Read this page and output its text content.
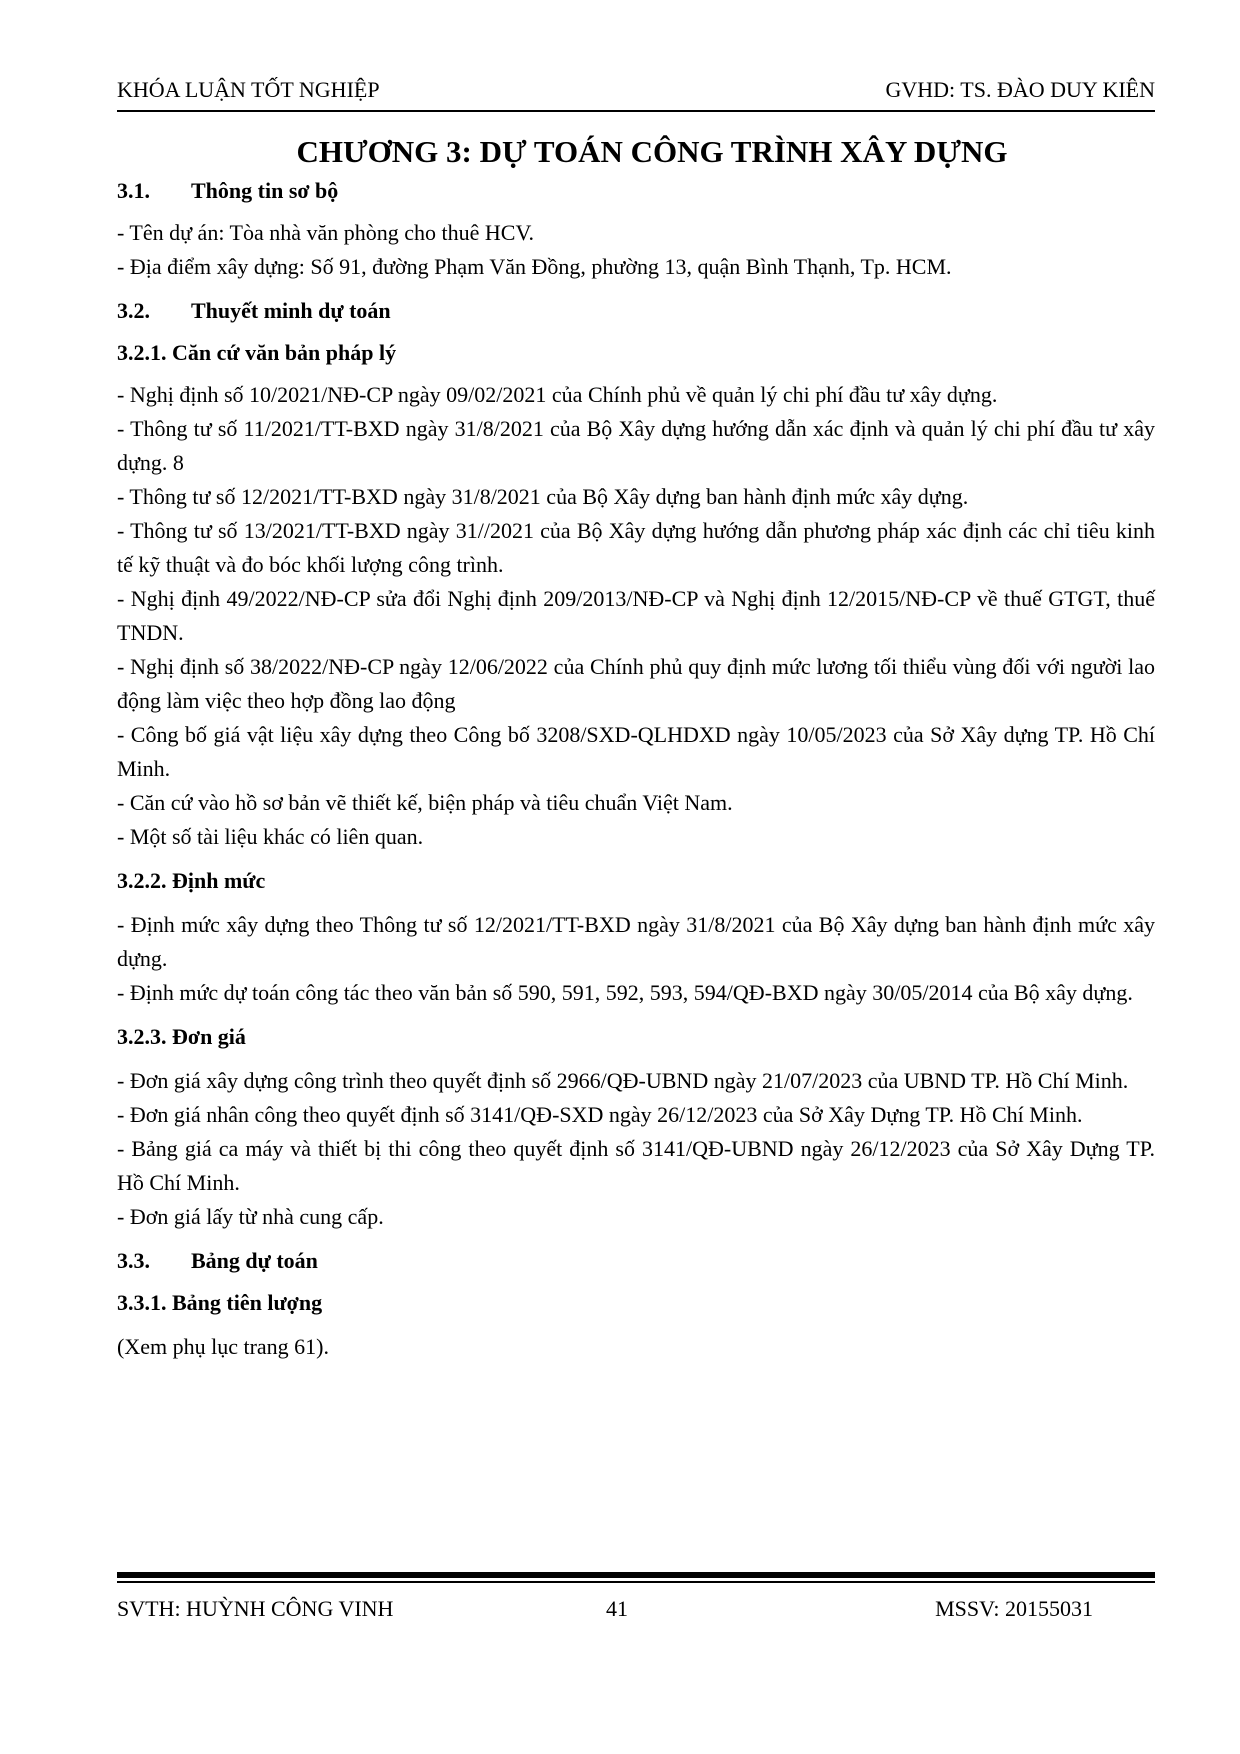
KHÓA LUẬN TỐT NGHIỆP	GVHD: TS. ĐÀO DUY KIÊN
CHƯƠNG 3: DỰ TOÁN CÔNG TRÌNH XÂY DỰNG
3.1. Thông tin sơ bộ
- Tên dự án: Tòa nhà văn phòng cho thuê HCV.
- Địa điểm xây dựng: Số 91, đường Phạm Văn Đồng, phường 13, quận Bình Thạnh, Tp. HCM.
3.2. Thuyết minh dự toán
3.2.1. Căn cứ văn bản pháp lý
- Nghị định số 10/2021/NĐ-CP ngày 09/02/2021 của Chính phủ về quản lý chi phí đầu tư xây dựng.
- Thông tư số 11/2021/TT-BXD ngày 31/8/2021 của Bộ Xây dựng hướng dẫn xác định và quản lý chi phí đầu tư xây dựng. 8
- Thông tư số 12/2021/TT-BXD ngày 31/8/2021 của Bộ Xây dựng ban hành định mức xây dựng.
- Thông tư số 13/2021/TT-BXD ngày 31//2021 của Bộ Xây dựng hướng dẫn phương pháp xác định các chỉ tiêu kinh tế kỹ thuật và đo bóc khối lượng công trình.
- Nghị định 49/2022/NĐ-CP sửa đổi Nghị định 209/2013/NĐ-CP và Nghị định 12/2015/NĐ-CP về thuế GTGT, thuế TNDN.
- Nghị định số 38/2022/NĐ-CP ngày 12/06/2022 của Chính phủ quy định mức lương tối thiểu vùng đối với người lao động làm việc theo hợp đồng lao động
- Công bố giá vật liệu xây dựng theo Công bố 3208/SXD-QLHDXD ngày 10/05/2023 của Sở Xây dựng TP. Hồ Chí Minh.
- Căn cứ vào hồ sơ bản vẽ thiết kế, biện pháp và tiêu chuẩn Việt Nam.
- Một số tài liệu khác có liên quan.
3.2.2. Định mức
- Định mức xây dựng theo Thông tư số 12/2021/TT-BXD ngày 31/8/2021 của Bộ Xây dựng ban hành định mức xây dựng.
- Định mức dự toán công tác theo văn bản số 590, 591, 592, 593, 594/QĐ-BXD ngày 30/05/2014 của Bộ xây dựng.
3.2.3. Đơn giá
- Đơn giá xây dựng công trình theo quyết định số 2966/QĐ-UBND ngày 21/07/2023 của UBND TP. Hồ Chí Minh.
- Đơn giá nhân công theo quyết định số 3141/QĐ-SXD ngày 26/12/2023 của Sở Xây Dựng TP. Hồ Chí Minh.
- Bảng giá ca máy và thiết bị thi công theo quyết định số 3141/QĐ-UBND ngày 26/12/2023 của Sở Xây Dựng TP. Hồ Chí Minh.
- Đơn giá lấy từ nhà cung cấp.
3.3. Bảng dự toán
3.3.1. Bảng tiên lượng
(Xem phụ lục trang 61).
SVTH: HUỲNH CÔNG VINH	41	MSSV: 20155031
